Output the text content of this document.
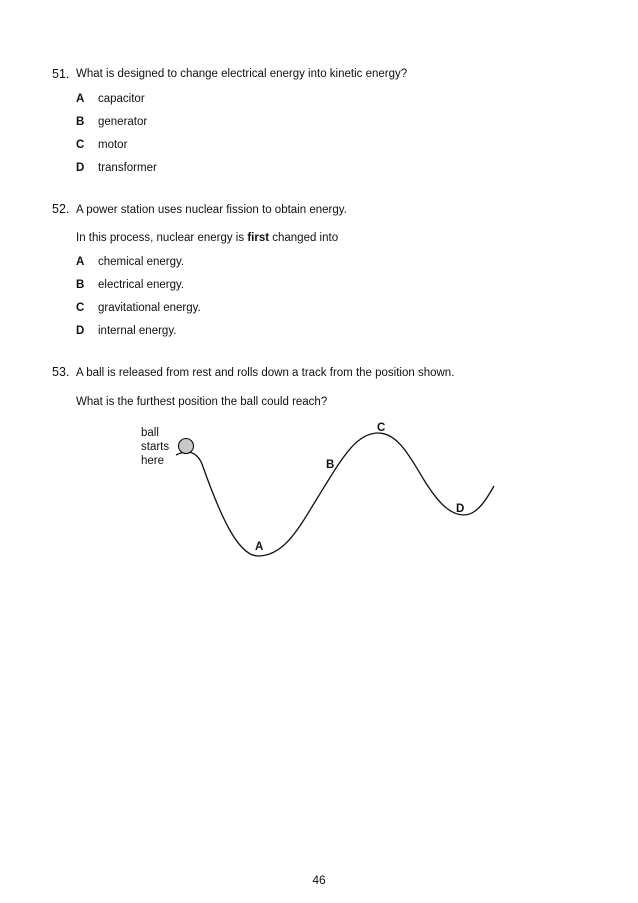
51. What is designed to change electrical energy into kinetic energy?
A capacitor
B generator
C motor
D transformer
52. A power station uses nuclear fission to obtain energy.
In this process, nuclear energy is first changed into
A chemical energy.
B electrical energy.
C gravitational energy.
D internal energy.
53. A ball is released from rest and rolls down a track from the position shown.
What is the furthest position the ball could reach?
ball
starts
here
A
B
C
D
46
